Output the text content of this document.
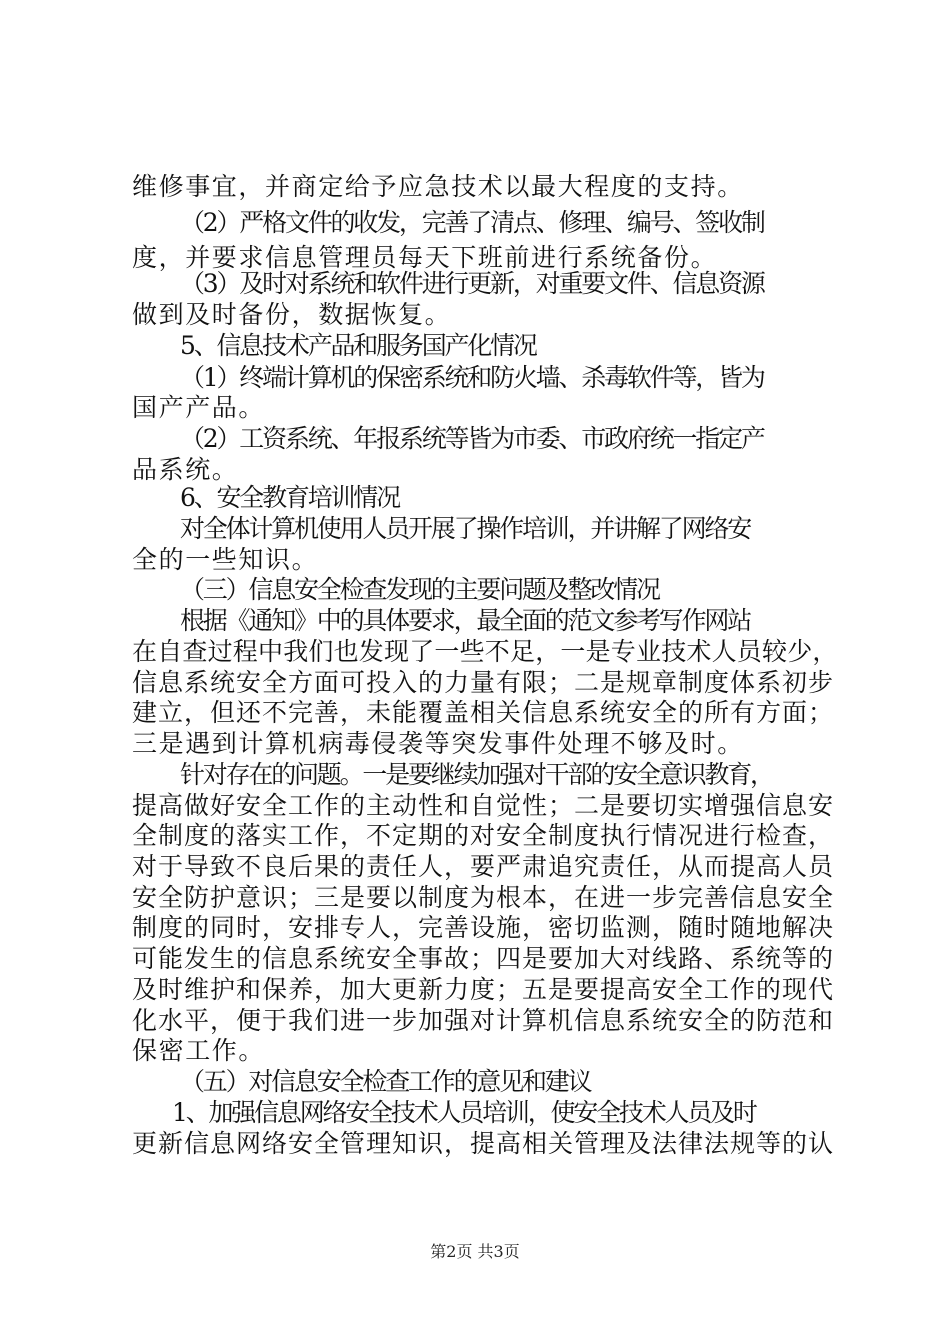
维修事宜，并商定给予应急技术以最大程度的支持。
（2）严格文件的收发，完善了清点、修理、编号、签收制
度，并要求信息管理员每天下班前进行系统备份。
（3）及时对系统和软件进行更新，对重要文件、信息资源
做到及时备份，数据恢复。
5、信息技术产品和服务国产化情况
（1）终端计算机的保密系统和防火墙、杀毒软件等，皆为
国产产品。
（2）工资系统、年报系统等皆为市委、市政府统一指定产
品系统。
6、安全教育培训情况
对全体计算机使用人员开展了操作培训，并讲解了网络安
全的一些知识。
（三）信息安全检查发现的主要问题及整改情况
根据《通知》中的具体要求，最全面的范文参考写作网站
在自查过程中我们也发现了一些不足，一是专业技术人员较少，
信息系统安全方面可投入的力量有限；二是规章制度体系初步
建立，但还不完善，未能覆盖相关信息系统安全的所有方面；
三是遇到计算机病毒侵袭等突发事件处理不够及时。
针对存在的问题。一是要继续加强对干部的安全意识教育，
提高做好安全工作的主动性和自觉性；二是要切实增强信息安
全制度的落实工作，不定期的对安全制度执行情况进行检查，
对于导致不良后果的责任人，要严肃追究责任，从而提高人员
安全防护意识；三是要以制度为根本，在进一步完善信息安全
制度的同时，安排专人，完善设施，密切监测，随时随地解决
可能发生的信息系统安全事故；四是要加大对线路、系统等的
及时维护和保养，加大更新力度；五是要提高安全工作的现代
化水平，便于我们进一步加强对计算机信息系统安全的防范和
保密工作。
（五）对信息安全检查工作的意见和建议
1、加强信息网络安全技术人员培训，使安全技术人员及时
更新信息网络安全管理知识，提高相关管理及法律法规等的认
第2页 共3页
